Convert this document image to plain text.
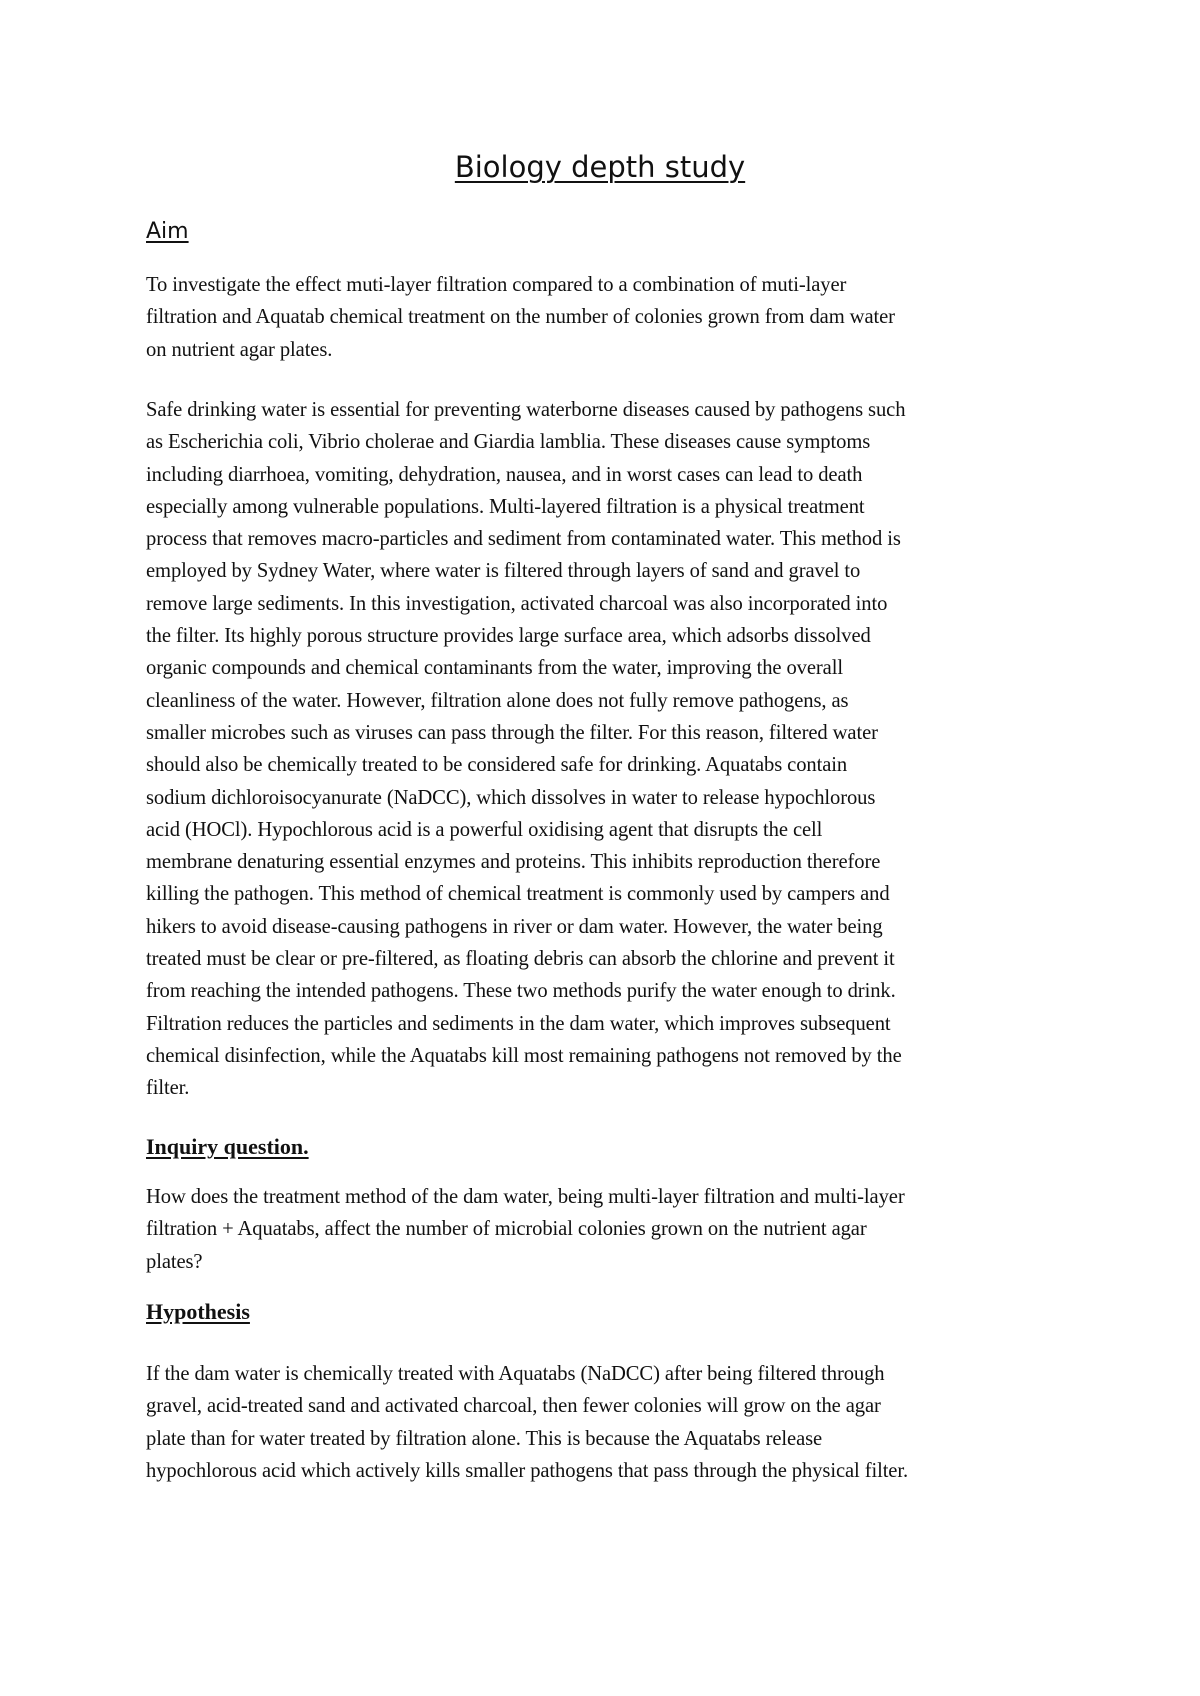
Biology depth study
Aim

To investigate the effect muti-layer filtration compared to a combination of muti-layer
filtration and Aquatab chemical treatment on the number of colonies grown from dam water
on nutrient agar plates.

Safe drinking water is essential for preventing waterborne diseases caused by pathogens such
as Escherichia coli, Vibrio cholerae and Giardia lamblia. These diseases cause symptoms
including diarrhoea, vomiting, dehydration, nausea, and in worst cases can lead to death
especially among vulnerable populations. Multi-layered filtration is a physical treatment
process that removes macro-particles and sediment from contaminated water. This method is
employed by Sydney Water, where water is filtered through layers of sand and gravel to
remove large sediments. In this investigation, activated charcoal was also incorporated into
the filter. Its highly porous structure provides large surface area, which adsorbs dissolved
organic compounds and chemical contaminants from the water, improving the overall
cleanliness of the water. However, filtration alone does not fully remove pathogens, as
smaller microbes such as viruses can pass through the filter. For this reason, filtered water
should also be chemically treated to be considered safe for drinking. Aquatabs contain
sodium dichloroisocyanurate (NaDCC), which dissolves in water to release hypochlorous
acid (HOCl). Hypochlorous acid is a powerful oxidising agent that disrupts the cell
membrane denaturing essential enzymes and proteins. This inhibits reproduction therefore
killing the pathogen. This method of chemical treatment is commonly used by campers and
hikers to avoid disease-causing pathogens in river or dam water. However, the water being
treated must be clear or pre-filtered, as floating debris can absorb the chlorine and prevent it
from reaching the intended pathogens. These two methods purify the water enough to drink.
Filtration reduces the particles and sediments in the dam water, which improves subsequent
chemical disinfection, while the Aquatabs kill most remaining pathogens not removed by the
filter.

Inquiry question.

How does the treatment method of the dam water, being multi-layer filtration and multi-layer
filtration + Aquatabs, affect the number of microbial colonies grown on the nutrient agar
plates?

Hypothesis

If the dam water is chemically treated with Aquatabs (NaDCC) after being filtered through
gravel, acid-treated sand and activated charcoal, then fewer colonies will grow on the agar
plate than for water treated by filtration alone. This is because the Aquatabs release
hypochlorous acid which actively kills smaller pathogens that pass through the physical filter.
